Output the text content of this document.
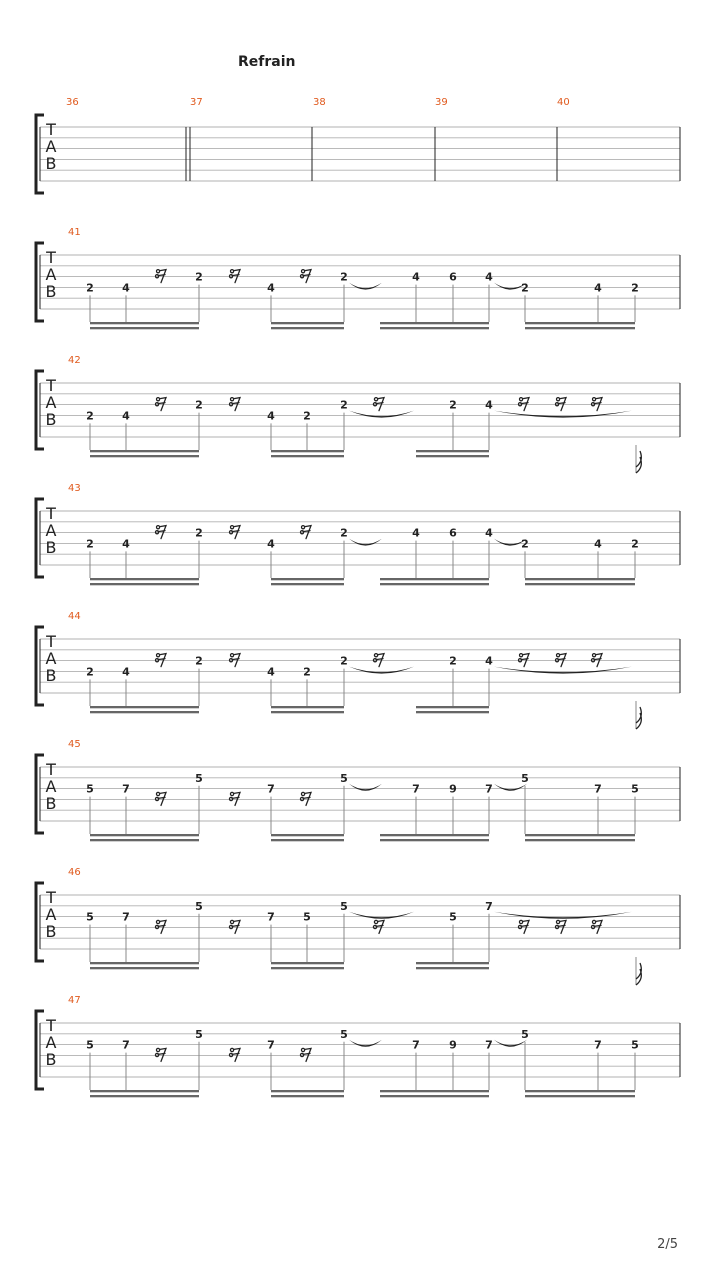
Refrain
T
A
B
36	37	38	39	40
T
A
B
41
2	4
2
4
2	4	6	4
2	4	2
T
A
B
42
2	4
2
4	2
2	2	4
T
A
B
43
2	4
2
4
2	4	6	4
2	4	2
T
A
B
44
2	4
2
4	2
2	2	4
T
A
B
45
5	7
5
7
5
7	9	7
5
7	5
T
A
B
46
5	7
5
7	5
5
5
7
T
A
B
47
5	7
5
7
5
7	9	7
5
7	5
2/5
